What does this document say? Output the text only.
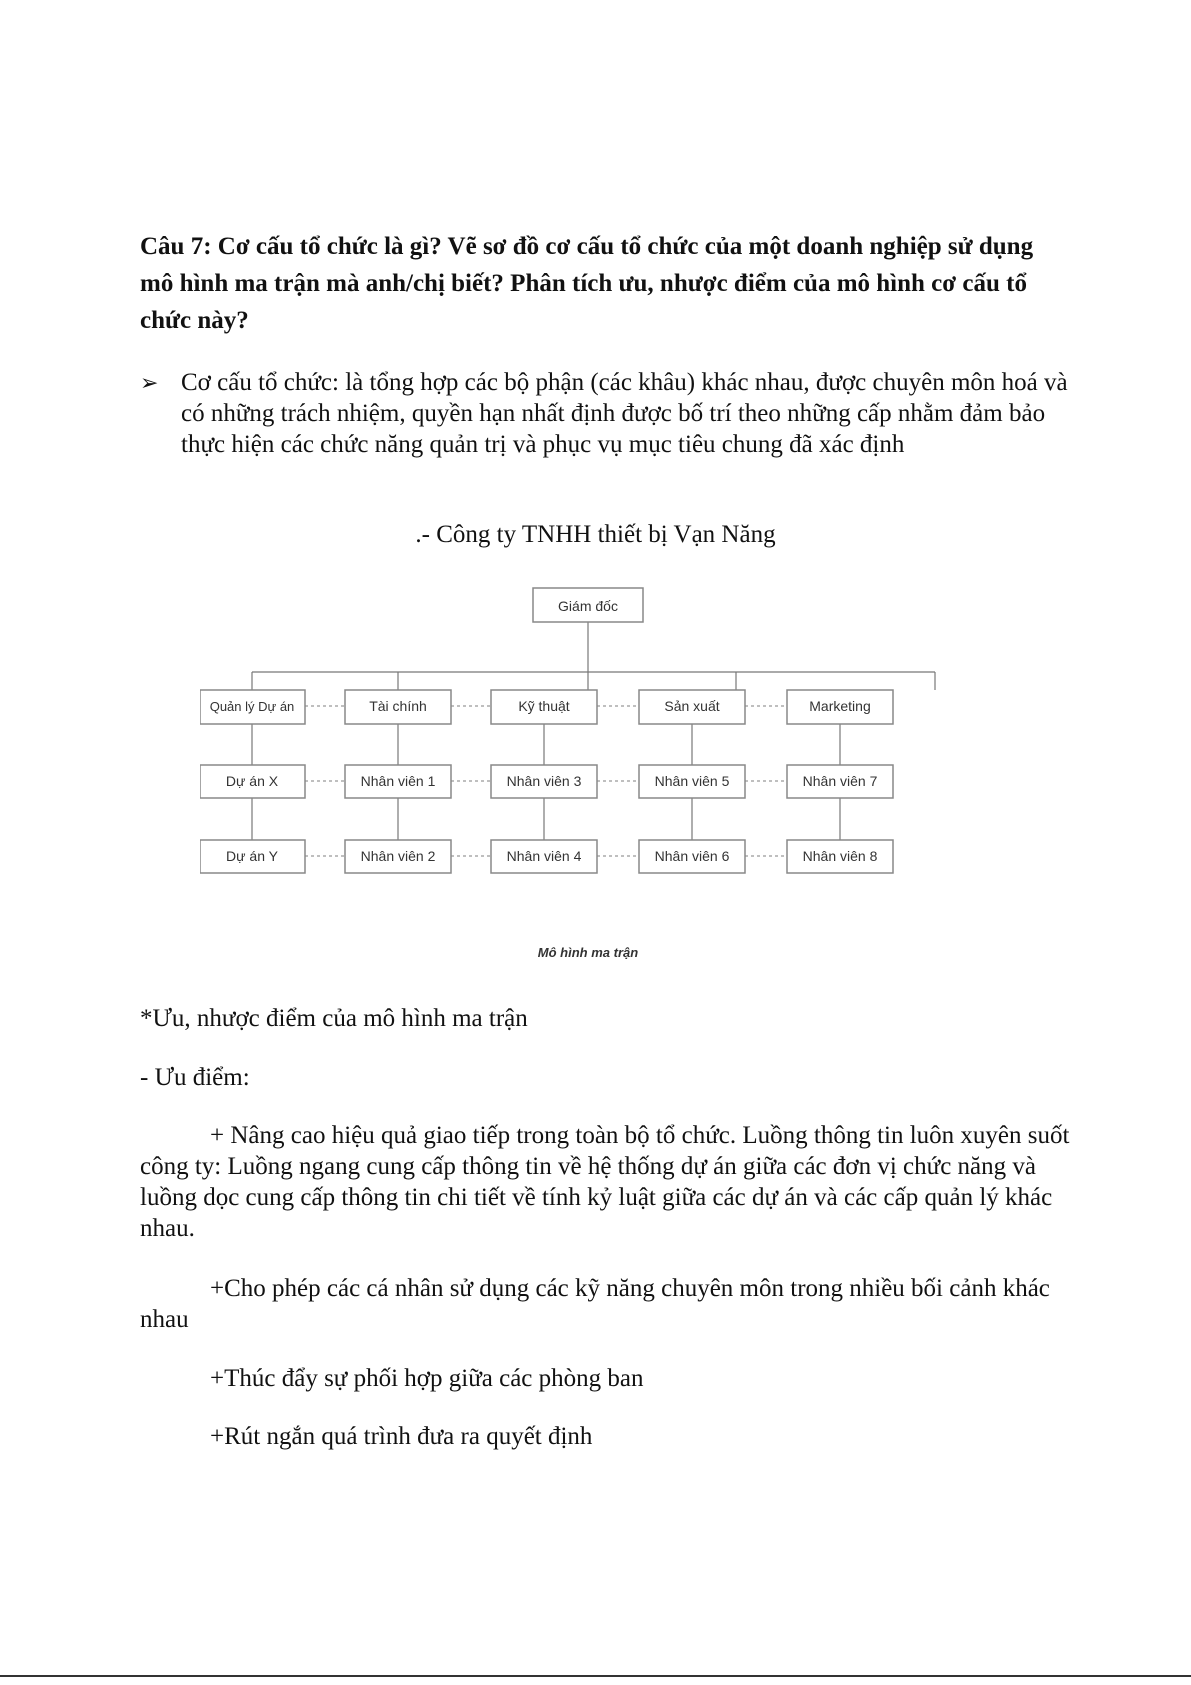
Câu 7: Cơ cấu tổ chức là gì? Vẽ sơ đồ cơ cấu tổ chức của một doanh nghiệp sử dụng mô hình ma trận mà anh/chị biết? Phân tích ưu, nhược điểm của mô hình cơ cấu tổ chức này?
➢ Cơ cấu tổ chức: là tổng hợp các bộ phận (các khâu) khác nhau, được chuyên môn hoá và có những trách nhiệm, quyền hạn nhất định được bố trí theo những cấp nhằm đảm bảo thực hiện các chức năng quản trị và phục vụ mục tiêu chung đã xác định
.- Công ty TNHH thiết bị Vạn Năng
Giám đốc
Quản lý Dự án	Tài chính	Kỹ thuật	Sản xuất	Marketing
Dự án X	Nhân viên 1	Nhân viên 3	Nhân viên 5	Nhân viên 7
Dự án Y	Nhân viên 2	Nhân viên 4	Nhân viên 6	Nhân viên 8
Mô hình ma trận

*Ưu, nhược điểm của mô hình ma trận

- Ưu điểm:

+ Nâng cao hiệu quả giao tiếp trong toàn bộ tổ chức. Luồng thông tin luôn xuyên suốt công ty: Luồng ngang cung cấp thông tin về hệ thống dự án giữa các đơn vị chức năng và luồng dọc cung cấp thông tin chi tiết về tính kỷ luật giữa các dự án và các cấp quản lý khác nhau.

+Cho phép các cá nhân sử dụng các kỹ năng chuyên môn trong nhiều bối cảnh khác nhau

+Thúc đẩy sự phối hợp giữa các phòng ban

+Rút ngắn quá trình đưa ra quyết định
